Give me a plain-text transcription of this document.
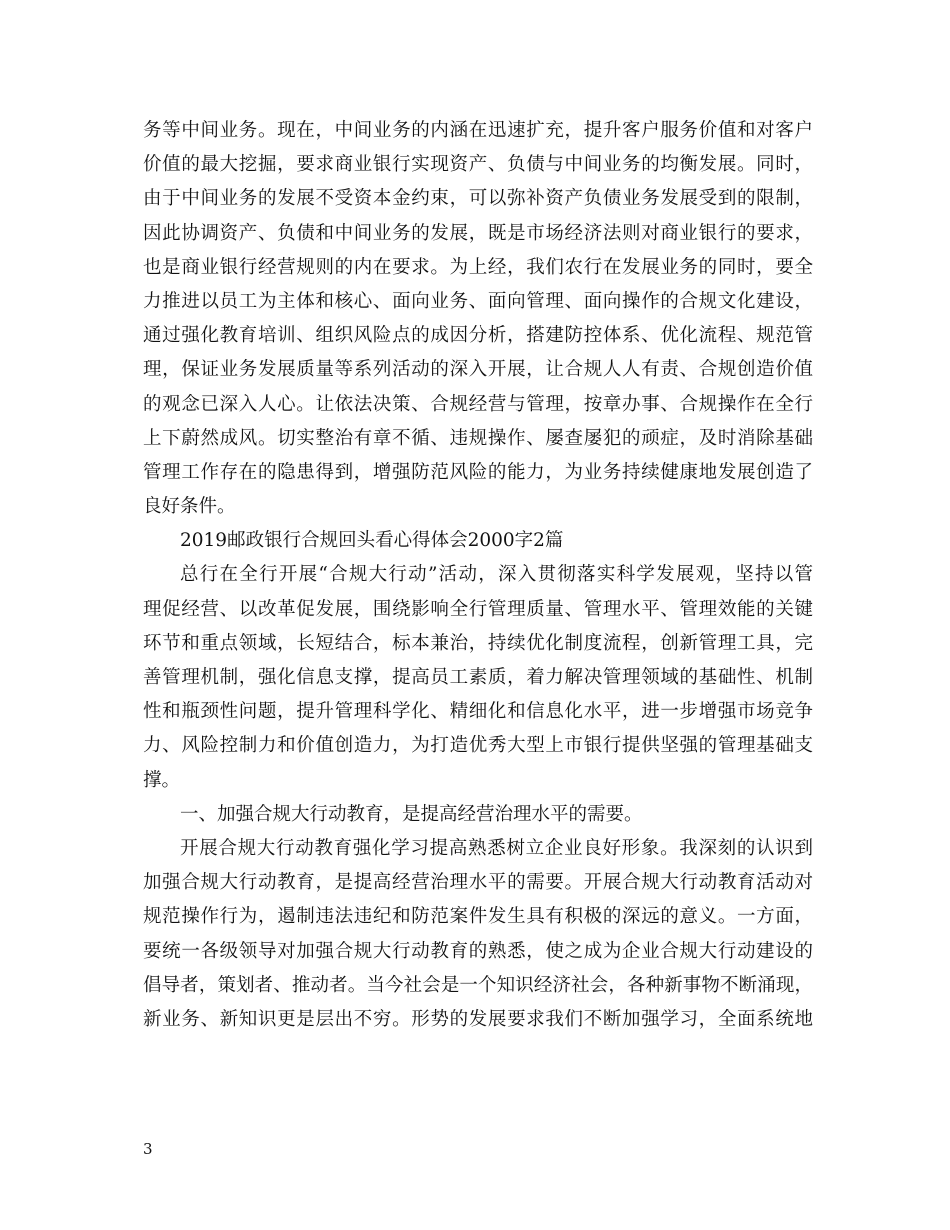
务等中间业务。现在，中间业务的内涵在迅速扩充，提升客户服务价值和对客户
价值的最大挖掘，要求商业银行实现资产、负债与中间业务的均衡发展。同时，
由于中间业务的发展不受资本金约束，可以弥补资产负债业务发展受到的限制，
因此协调资产、负债和中间业务的发展，既是市场经济法则对商业银行的要求，
也是商业银行经营规则的内在要求。为上经，我们农行在发展业务的同时，要全
力推进以员工为主体和核心、面向业务、面向管理、面向操作的合规文化建设，
通过强化教育培训、组织风险点的成因分析，搭建防控体系、优化流程、规范管
理，保证业务发展质量等系列活动的深入开展，让合规人人有责、合规创造价值
的观念已深入人心。让依法决策、合规经营与管理，按章办事、合规操作在全行
上下蔚然成风。切实整治有章不循、违规操作、屡查屡犯的顽症，及时消除基础
管理工作存在的隐患得到，增强防范风险的能力，为业务持续健康地发展创造了
良好条件。
2019邮政银行合规回头看心得体会2000字2篇
总行在全行开展“合规大行动”活动，深入贯彻落实科学发展观，坚持以管
理促经营、以改革促发展，围绕影响全行管理质量、管理水平、管理效能的关键
环节和重点领域，长短结合，标本兼治，持续优化制度流程，创新管理工具，完
善管理机制，强化信息支撑，提高员工素质，着力解决管理领域的基础性、机制
性和瓶颈性问题，提升管理科学化、精细化和信息化水平，进一步增强市场竞争
力、风险控制力和价值创造力，为打造优秀大型上市银行提供坚强的管理基础支
撑。
一、加强合规大行动教育，是提高经营治理水平的需要。
开展合规大行动教育强化学习提高熟悉树立企业良好形象。我深刻的认识到
加强合规大行动教育，是提高经营治理水平的需要。开展合规大行动教育活动对
规范操作行为，遏制违法违纪和防范案件发生具有积极的深远的意义。一方面，
要统一各级领导对加强合规大行动教育的熟悉，使之成为企业合规大行动建设的
倡导者，策划者、推动者。当今社会是一个知识经济社会，各种新事物不断涌现，
新业务、新知识更是层出不穷。形势的发展要求我们不断加强学习，全面系统地
3
